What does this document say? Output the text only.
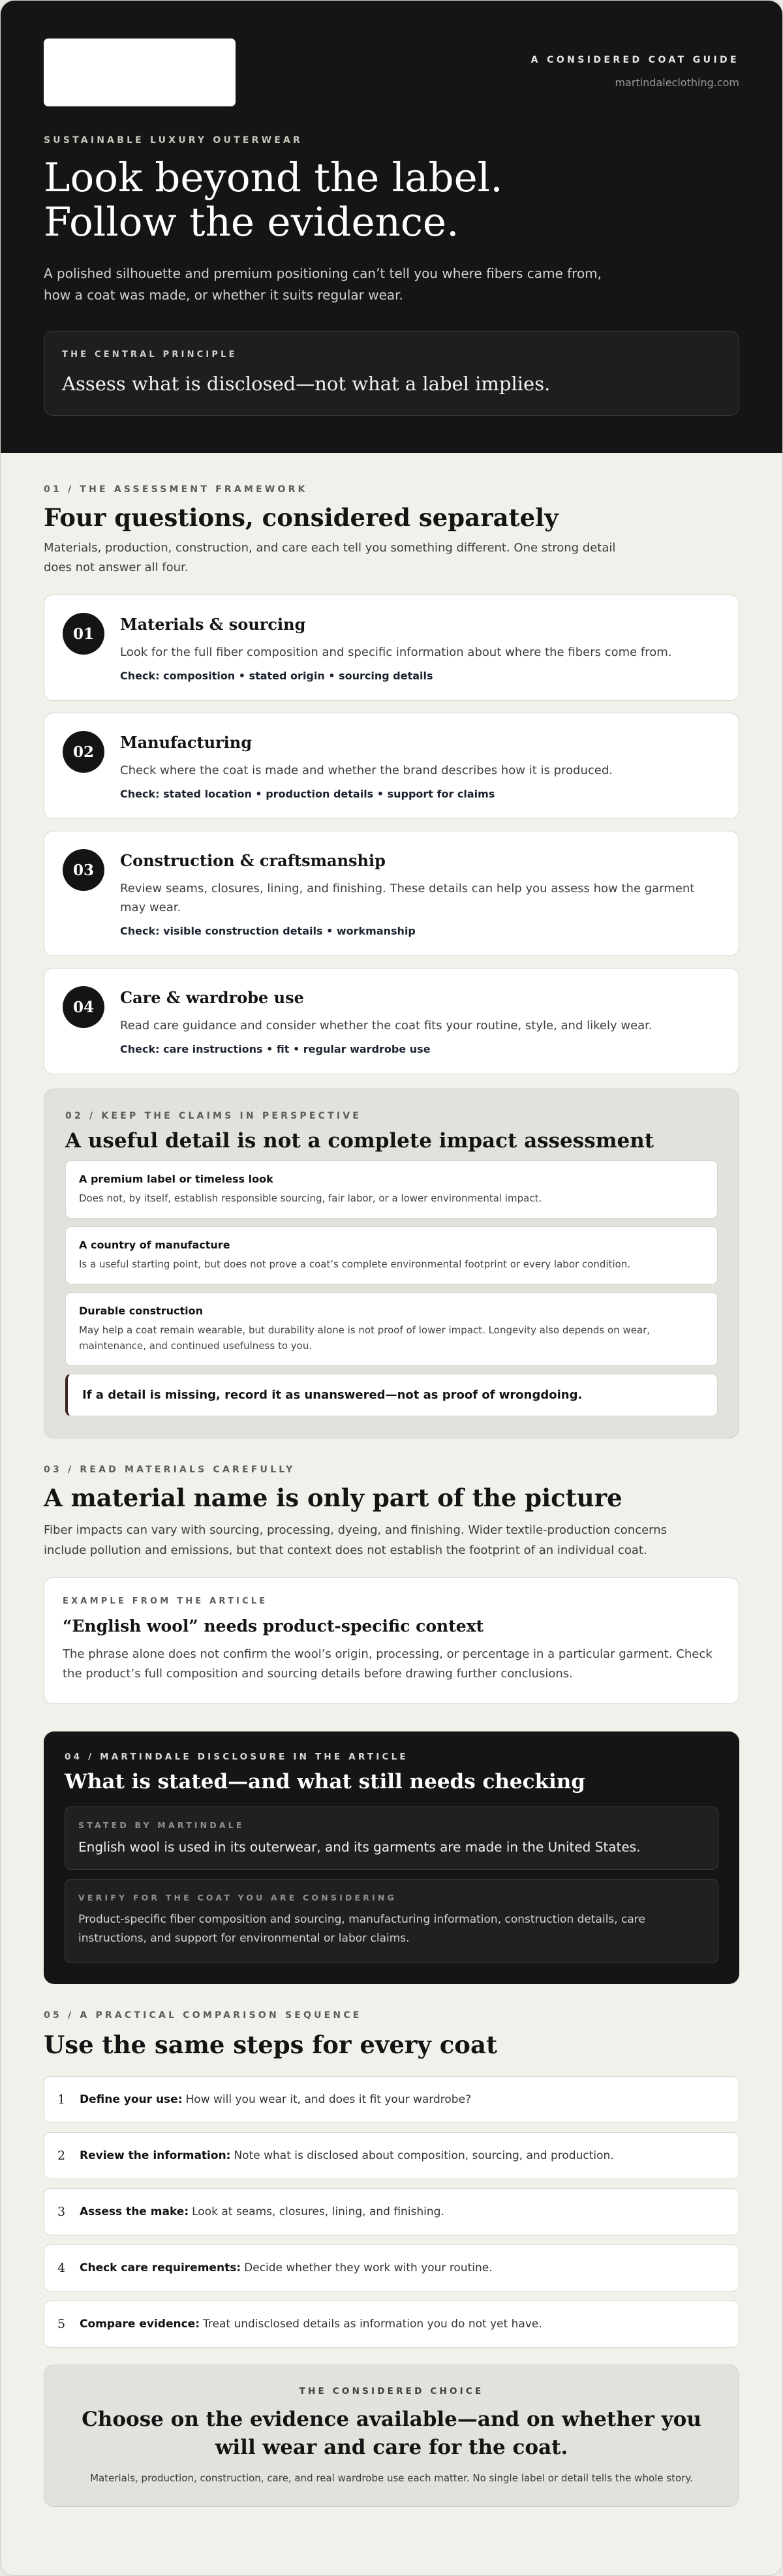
A CONSIDERED COAT GUIDE
martindaleclothing.com
SUSTAINABLE LUXURY OUTERWEAR
Look beyond the label.
Follow the evidence.

A polished silhouette and premium positioning can’t tell you where fibers came from, how a coat was made, or whether it suits regular wear.

THE CENTRAL PRINCIPLE
Assess what is disclosed—not what a label implies.
01 / THE ASSESSMENT FRAMEWORK
Four questions, considered separately

Materials, production, construction, and care each tell you something different. One strong detail does not answer all four.

01	Materials & sourcing

Look for the full fiber composition and specific information about where the fibers come from.

Check: composition • stated origin • sourcing details

02	Manufacturing

Check where the coat is made and whether the brand describes how it is produced.

Check: stated location • production details • support for claims

03	Construction & craftsmanship

Review seams, closures, lining, and finishing. These details can help you assess how the garment may wear.

Check: visible construction details • workmanship

04	Care & wardrobe use

Read care guidance and consider whether the coat fits your routine, style, and likely wear.

Check: care instructions • fit • regular wardrobe use

02 / KEEP THE CLAIMS IN PERSPECTIVE
A useful detail is not a complete impact assessment
A premium label or timeless look
Does not, by itself, establish responsible sourcing, fair labor, or a lower environmental impact.
A country of manufacture
Is a useful starting point, but does not prove a coat’s complete environmental footprint or every labor condition.
Durable construction
May help a coat remain wearable, but durability alone is not proof of lower impact. Longevity also depends on wear, maintenance, and continued usefulness to you.
If a detail is missing, record it as unanswered—not as proof of wrongdoing.
03 / READ MATERIALS CAREFULLY
A material name is only part of the picture

Fiber impacts can vary with sourcing, processing, dyeing, and finishing. Wider textile-production concerns include pollution and emissions, but that context does not establish the footprint of an individual coat.

EXAMPLE FROM THE ARTICLE
“English wool” needs product-specific context

The phrase alone does not confirm the wool’s origin, processing, or percentage in a particular garment. Check the product’s full composition and sourcing details before drawing further conclusions.

04 / MARTINDALE DISCLOSURE IN THE ARTICLE
What is stated—and what still needs checking
STATED BY MARTINDALE
English wool is used in its outerwear, and its garments are made in the United States.
VERIFY FOR THE COAT YOU ARE CONSIDERING
Product-specific fiber composition and sourcing, manufacturing information, construction details, care instructions, and support for environmental or labor claims.
05 / A PRACTICAL COMPARISON SEQUENCE
Use the same steps for every coat
1	Define your use: How will you wear it, and does it fit your wardrobe?
2	Review the information: Note what is disclosed about composition, sourcing, and production.
3	Assess the make: Look at seams, closures, lining, and finishing.
4	Check care requirements: Decide whether they work with your routine.
5	Compare evidence: Treat undisclosed details as information you do not yet have.
THE CONSIDERED CHOICE
Choose on the evidence available—and on whether you
will wear and care for the coat.

Materials, production, construction, care, and real wardrobe use each matter. No single label or detail tells the whole story.
